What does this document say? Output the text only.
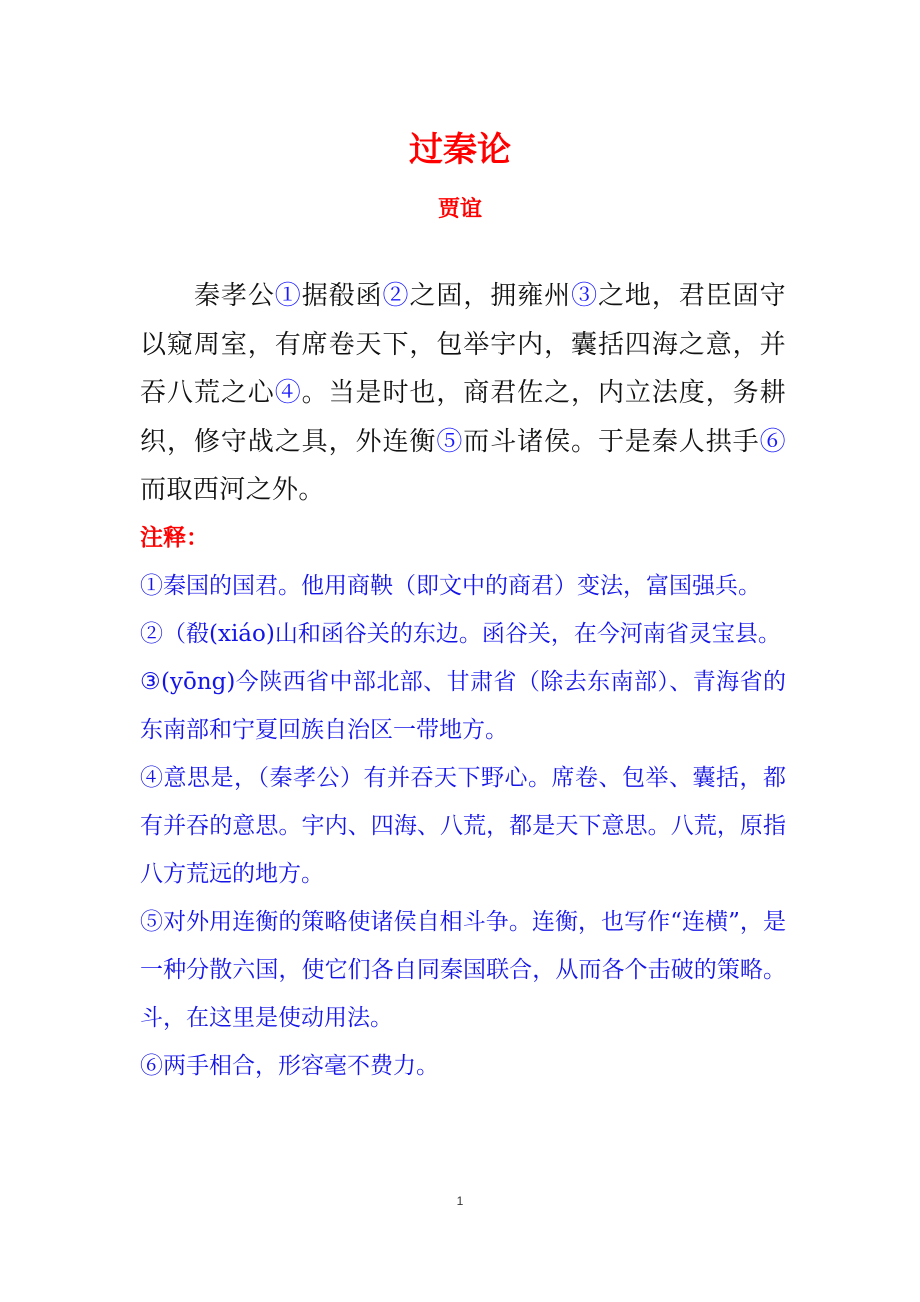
过秦论
贾谊

秦孝公①据殽函②之固，拥雍州③之地，君臣固守以窥周室，有席卷天下，包举宇内，囊括四海之意，并吞八荒之心④。当是时也，商君佐之，内立法度，务耕织，修守战之具，外连衡⑤而斗诸侯。于是秦人拱手⑥而取西河之外。

注释：

①秦国的国君。他用商鞅（即文中的商君）变法，富国强兵。

②（殽(xiáo)山和函谷关的东边。函谷关，在今河南省灵宝县。

③(yōng)今陕西省中部北部、甘肃省（除去东南部）、青海省的东南部和宁夏回族自治区一带地方。

④意思是，（秦孝公）有并吞天下野心。席卷、包举、囊括，都有并吞的意思。宇内、四海、八荒，都是天下意思。八荒，原指八方荒远的地方。

⑤对外用连衡的策略使诸侯自相斗争。连衡，也写作“连横”，是一种分散六国，使它们各自同秦国联合，从而各个击破的策略。斗，在这里是使动用法。

⑥两手相合，形容毫不费力。

1
